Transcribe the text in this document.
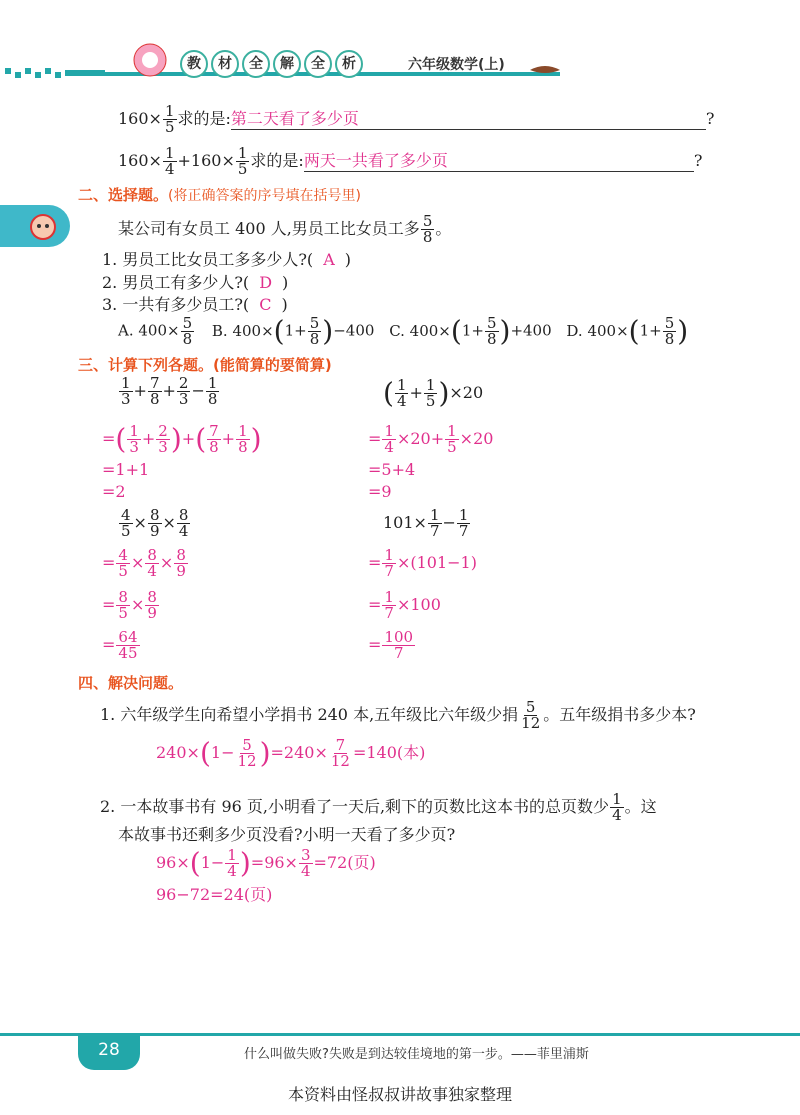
教 材 全 解 全 析	六年级数学(上)
$160\times \frac{1}{5}$ 求的是:第二天看了多少页	?
$160\times \frac{1}{4} +160\times \frac{1}{5}$ 求的是:两天一共看了多少页	?
二、选择题。(将正确答案的序号填在括号里)
某公司有女员工 400 人,男员工比女员工多 $\frac{5}{8}$ 。
1. 男员工比女员工多多少人?( A )
2. 男员工有多少人?( D )
3. 一共有多少员工?( C )
A. $400\times \frac{5}{8} B$. $400\times(1+ \frac{5}{8} )-400$ C. $400\times(1+ \frac{5}{8} )+400$ D. $400\times(1+ \frac{5}{8}$ )
三、计算下列各题。(能简算的要简算)
$\frac{1}{3} + \frac{7}{8} + \frac{2}{3} - \frac{1}{8}$
=( $\frac{1}{3} + \frac{2}{3}$ )+( $\frac{7}{8} + \frac{1}{8}$ )
=1+1
=2
( $\frac{1}{4} + \frac{1}{5} )\times 20$
= $\frac{1}{4} \times 20+ \frac{1}{5} \times 20$
=5+4
=9
$\frac{4}{5} \times \frac{8}{9} \times \frac{8}{4}$
= $\frac{4}{5} \times \frac{8}{4} \times \frac{8}{9}$
= $\frac{8}{5} \times \frac{8}{9}$
= $\frac{64}{45}$
$101\times \frac{1}{7} - \frac{1}{7}$
= $\frac{1}{7} \times(101-1)$
= $\frac{1}{7} \times 100$
= $\frac{100}{7}$
四、解决问题。
1. 六年级学生向希望小学捐书 240 本,五年级比六年级少捐 $\frac{5}{12}$ 。五年级捐书多少本?
$240\times(1- \frac{5}{12} )=240\times \frac{7}{12} =140$(本)
2. 一本故事书有 96 页,小明看了一天后,剩下的页数比这本书的总页数少 $\frac{1}{4}$ 。这
本故事书还剩多少页没看?小明一天看了多少页?
$96\times(1- \frac{1}{4} )=96\times \frac{3}{4} =72$(页)
96−72=24(页)
28	什么叫做失败?失败是到达较佳境地的第一步。——菲里浦斯
本资料由怪叔叔讲故事独家整理
